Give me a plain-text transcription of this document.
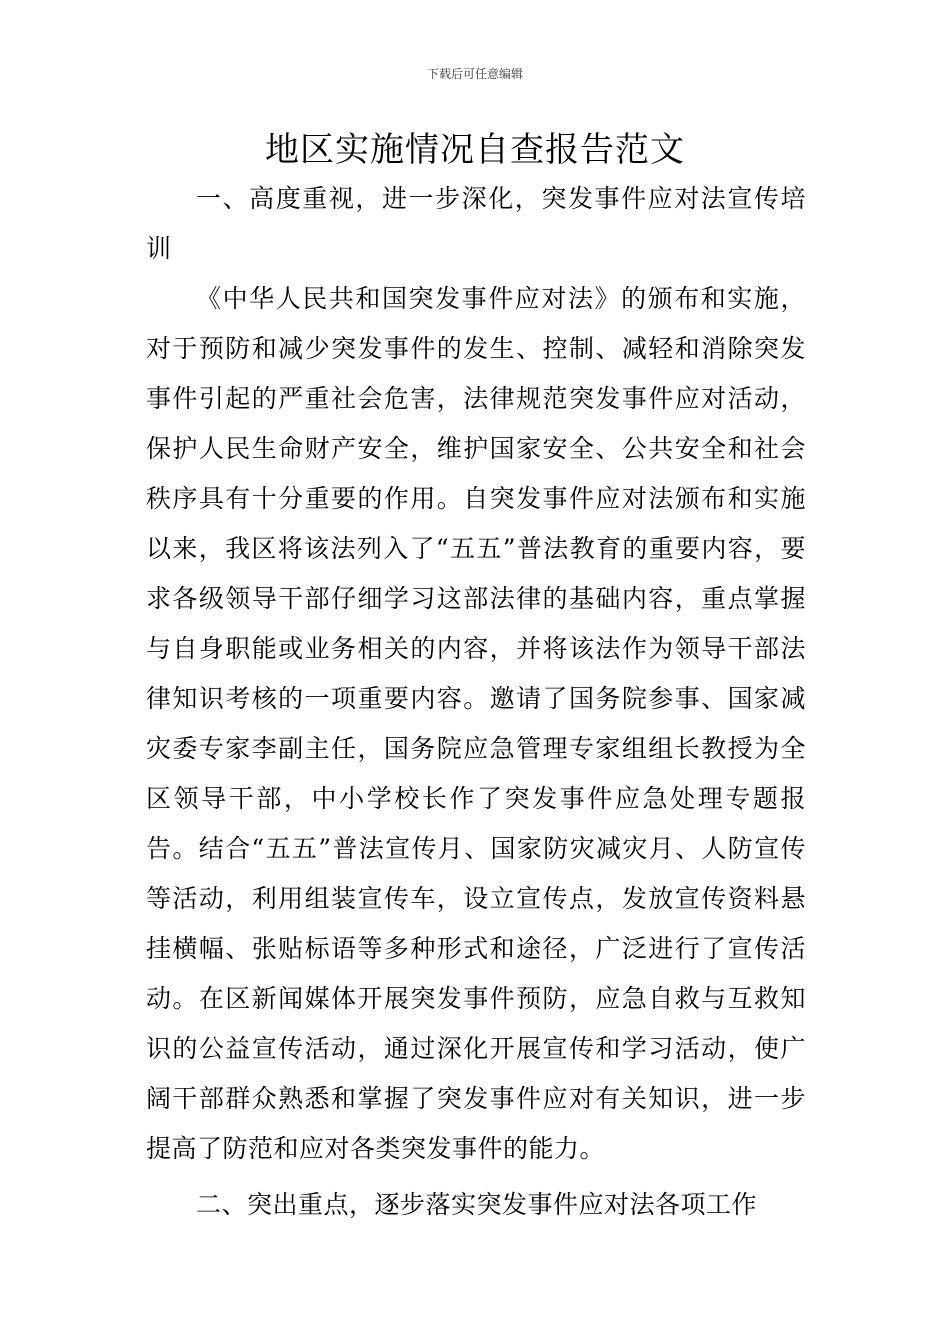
下载后可任意编辑
地区实施情况自查报告范文

一、高度重视，进一步深化，突发事件应对法宣传培训

《中华人民共和国突发事件应对法》的颁布和实施，对于预防和减少突发事件的发生、控制、减轻和消除突发事件引起的严重社会危害，法律规范突发事件应对活动，保护人民生命财产安全，维护国家安全、公共安全和社会秩序具有十分重要的作用。自突发事件应对法颁布和实施以来，我区将该法列入了“五五”普法教育的重要内容，要求各级领导干部仔细学习这部法律的基础内容，重点掌握与自身职能或业务相关的内容，并将该法作为领导干部法律知识考核的一项重要内容。邀请了国务院参事、国家减灾委专家李副主任，国务院应急管理专家组组长教授为全区领导干部，中小学校长作了突发事件应急处理专题报告。结合“五五”普法宣传月、国家防灾减灾月、人防宣传等活动，利用组装宣传车，设立宣传点，发放宣传资料悬挂横幅、张贴标语等多种形式和途径，广泛进行了宣传活动。在区新闻媒体开展突发事件预防，应急自救与互救知识的公益宣传活动，通过深化开展宣传和学习活动，使广阔干部群众熟悉和掌握了突发事件应对有关知识，进一步提高了防范和应对各类突发事件的能力。

二、突出重点，逐步落实突发事件应对法各项工作
